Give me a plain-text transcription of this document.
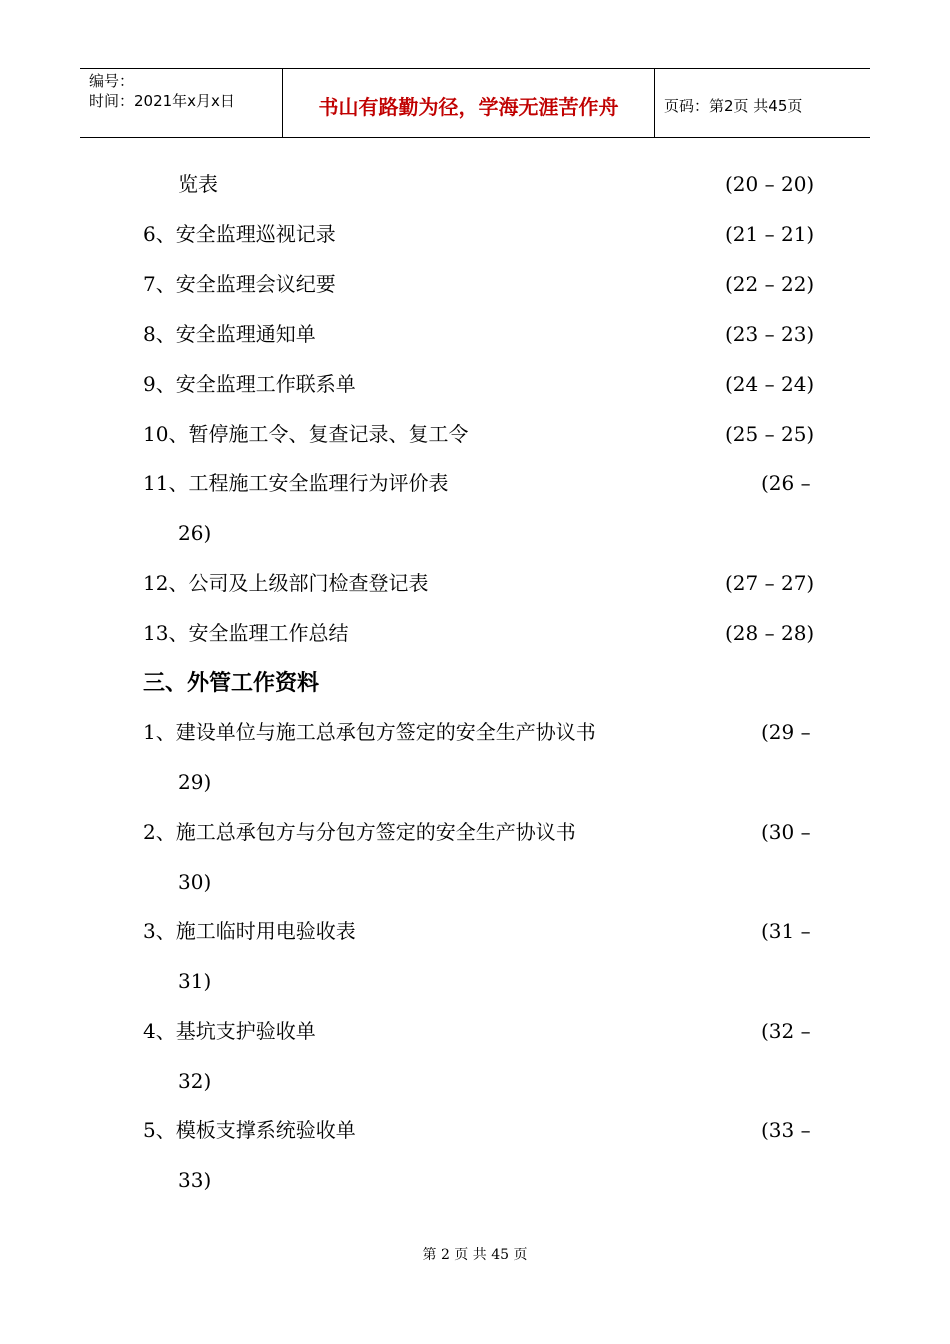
编号：
时间：2021年x月x日	书山有路勤为径，学海无涯苦作舟	页码：第2页 共45页
览表	(20 – 20)
6、安全监理巡视记录	(21 – 21)
7、安全监理会议纪要	(22 – 22)
8、安全监理通知单	(23 – 23)
9、安全监理工作联系单	(24 – 24)
10、暂停施工令、复查记录、复工令	(25 – 25)
11、工程施工安全监理行为评价表	(26 –
26)
12、公司及上级部门检查登记表	(27 – 27)
13、安全监理工作总结	(28 – 28)
三、外管工作资料
1、建设单位与施工总承包方签定的安全生产协议书	(29 –
29)
2、施工总承包方与分包方签定的安全生产协议书	(30 –
30)
3、施工临时用电验收表	(31 –
31)
4、基坑支护验收单	(32 –
32)
5、模板支撑系统验收单	(33 –
33)
第 2 页 共 45 页
